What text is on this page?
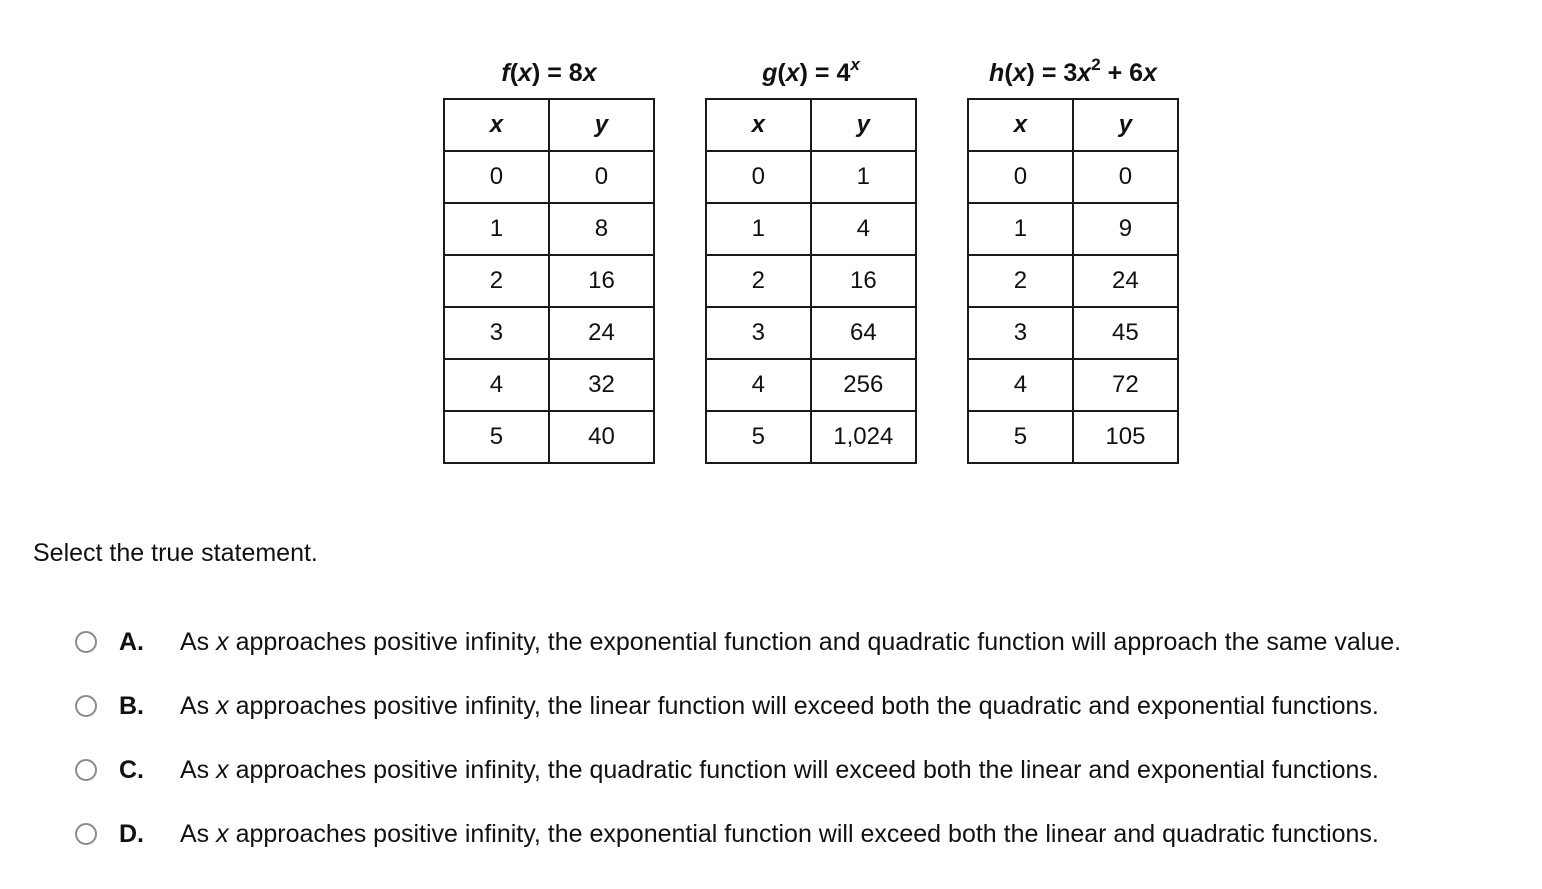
f(x) = 8x
x	y
0	0
1	8
2	16
3	24
4	32
5	40
$g(x) = 4^x$
x	y
0	1
1	4
2	16
3	64
4	256
5	1,024
$h(x) = 3x^2 + 6x$
x	y
0	0
1	9
2	24
3	45
4	72
5	105
Select the true statement.
A.	As x approaches positive infinity, the exponential function and quadratic function will approach the same value.
B.	As x approaches positive infinity, the linear function will exceed both the quadratic and exponential functions.
C.	As x approaches positive infinity, the quadratic function will exceed both the linear and exponential functions.
D.	As x approaches positive infinity, the exponential function will exceed both the linear and quadratic functions.
